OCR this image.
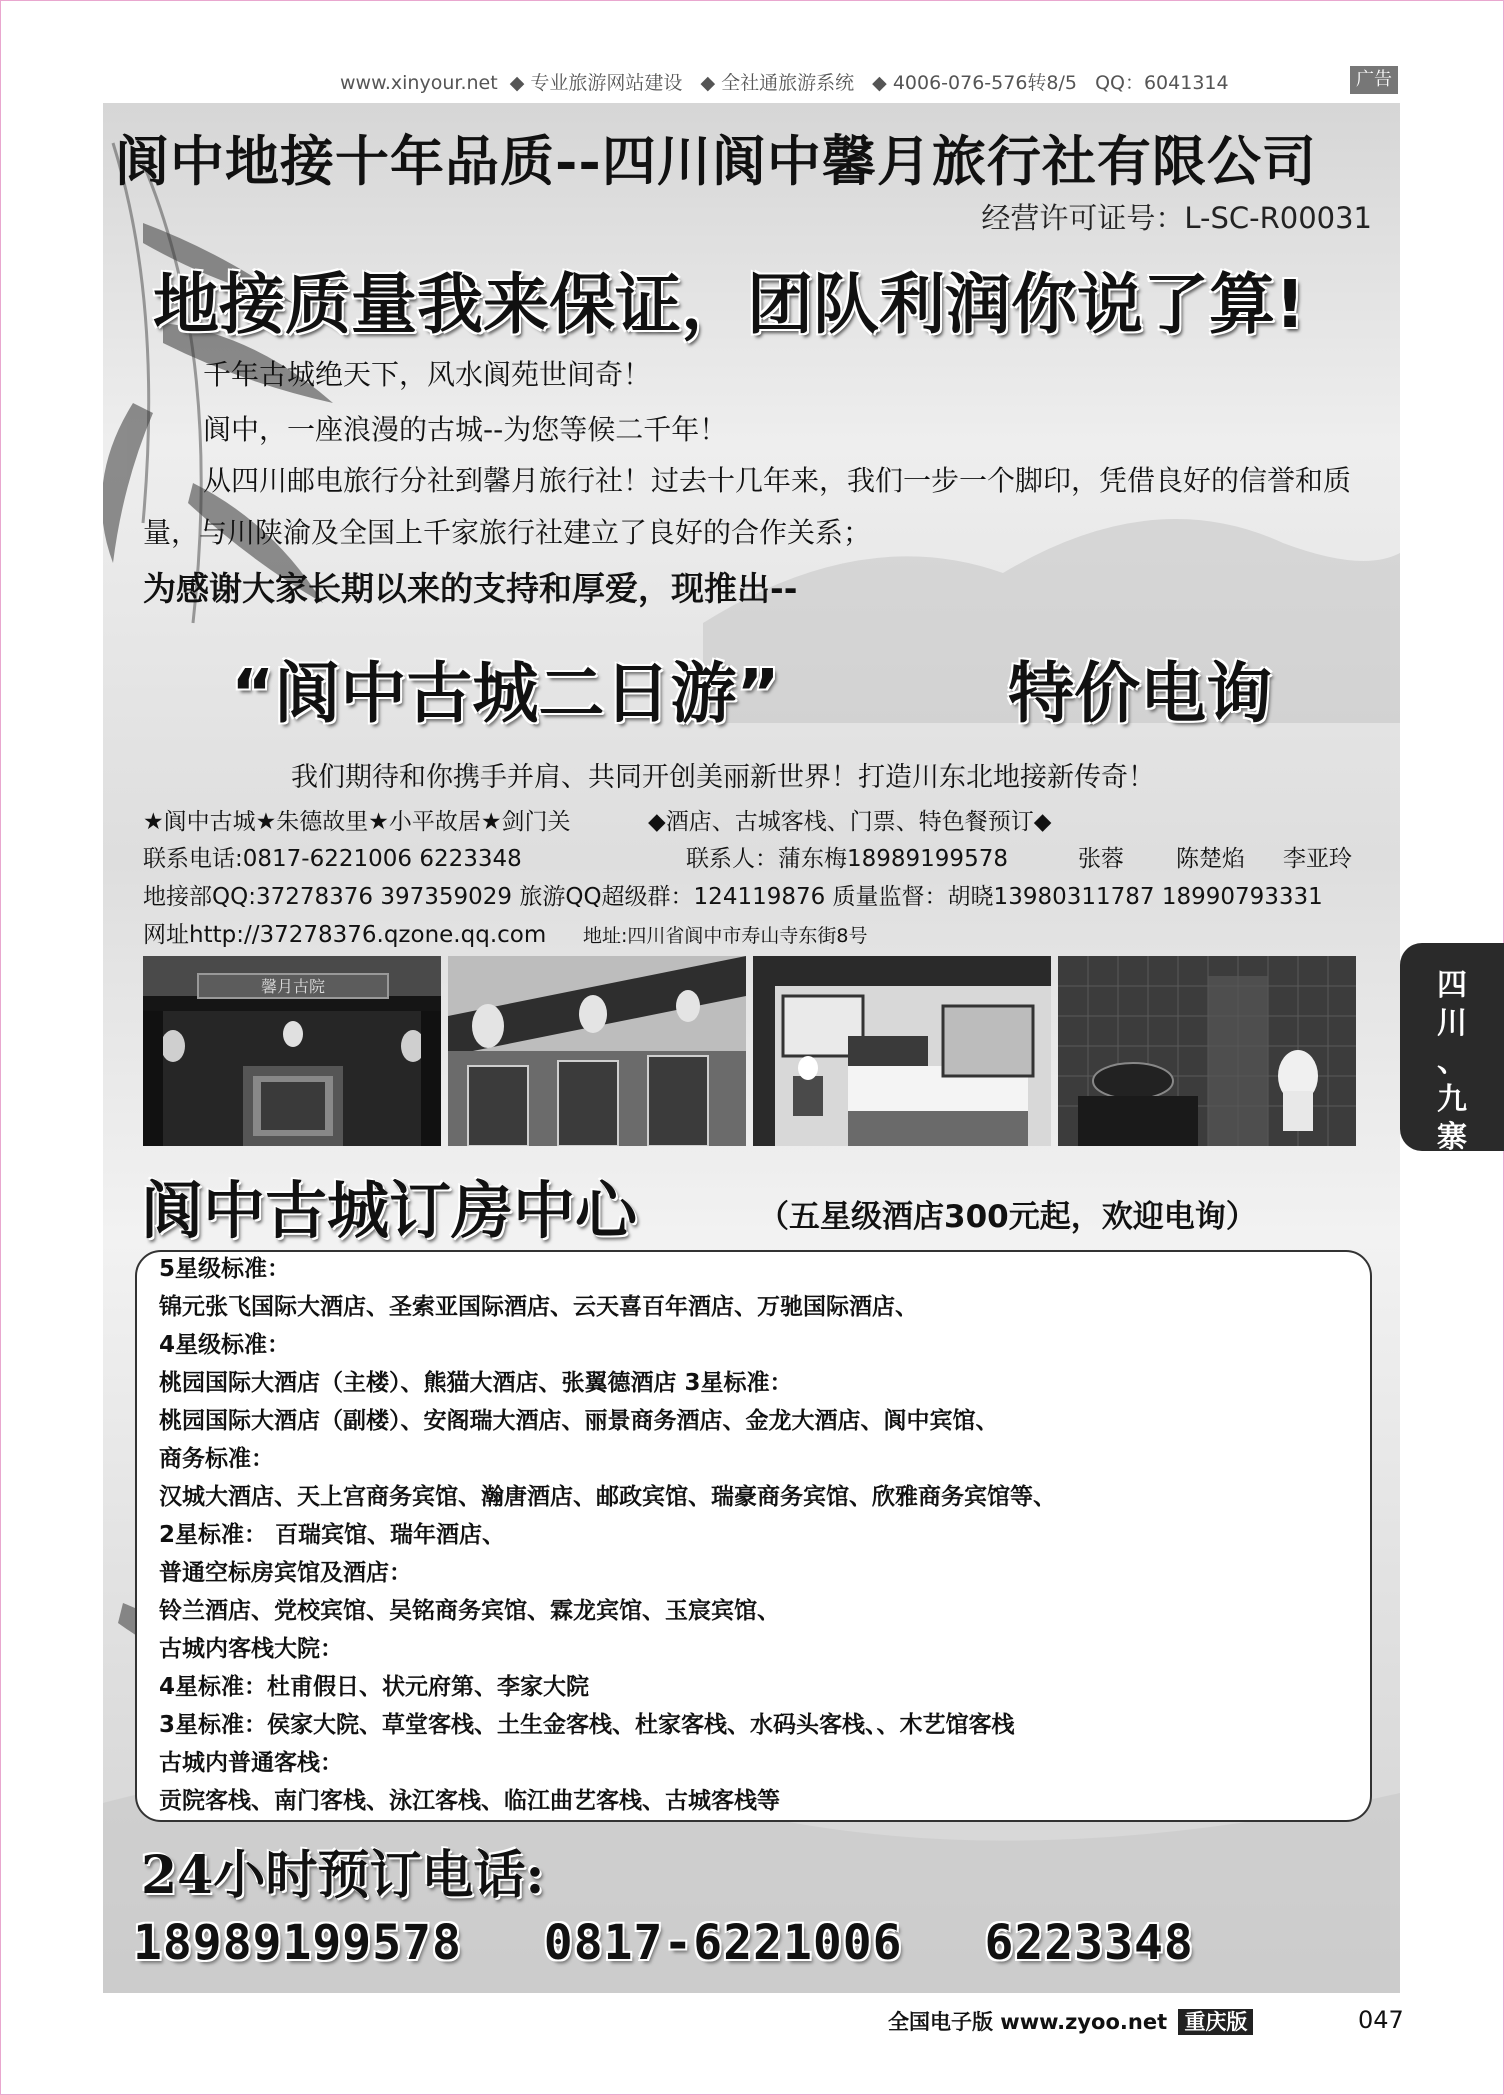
www.xinyour.net ◆ 专业旅游网站建设 ◆ 全社通旅游系统 ◆ 4006-076-576转8/5 QQ：6041314	广告
阆中地接十年品质--四川阆中馨月旅行社有限公司
经营许可证号：L-SC-R00031
地接质量我来保证，团队利润你说了算!
千年古城绝天下，风水阆苑世间奇！
阆中，一座浪漫的古城--为您等候二千年！
从四川邮电旅行分社到馨月旅行社！过去十几年来，我们一步一个脚印，凭借良好的信誉和质
量，与川陕渝及全国上千家旅行社建立了良好的合作关系；
为感谢大家长期以来的支持和厚爱，现推出--
“阆中古城二日游”	特价电询
我们期待和你携手并肩、共同开创美丽新世界！打造川东北地接新传奇！
★阆中古城★朱德故里★小平故居★剑门关	◆酒店、古城客栈、门票、特色餐预订◆
联系电话:0817-6221006 6223348	联系人：蒲东梅18989199578	张蓉 陈楚焰 李亚玲
地接部QQ:37278376 397359029 旅游QQ超级群：124119876 质量监督：胡晓13980311787 18990793331
网址http://37278376.qzone.qq.com 地址:四川省阆中市寿山寺东街8号
馨月古院
阆中古城订房中心	（五星级酒店300元起，欢迎电询）
5星级标准：
锦元张飞国际大酒店、圣索亚国际酒店、云天喜百年酒店、万驰国际酒店、
4星级标准：
桃园国际大酒店（主楼）、熊猫大酒店、张翼德酒店 3星标准：
桃园国际大酒店（副楼）、安阁瑞大酒店、丽景商务酒店、金龙大酒店、阆中宾馆、
商务标准：
汉城大酒店、天上宫商务宾馆、瀚唐酒店、邮政宾馆、瑞豪商务宾馆、欣雅商务宾馆等、
2星标准： 百瑞宾馆、瑞年酒店、
普通空标房宾馆及酒店：
铃兰酒店、党校宾馆、吴铭商务宾馆、霖龙宾馆、玉宸宾馆、
古城内客栈大院：
4星标准：杜甫假日、状元府第、李家大院
3星标准：侯家大院、草堂客栈、土生金客栈、杜家客栈、水码头客栈、、木艺馆客栈
古城内普通客栈：
贡院客栈、南门客栈、泳江客栈、临江曲艺客栈、古城客栈等
24小时预订电话:
18989199578 0817-6221006 6223348
四
川
、
九
寨
全国电子版 www.zyoo.net 重庆版	047
